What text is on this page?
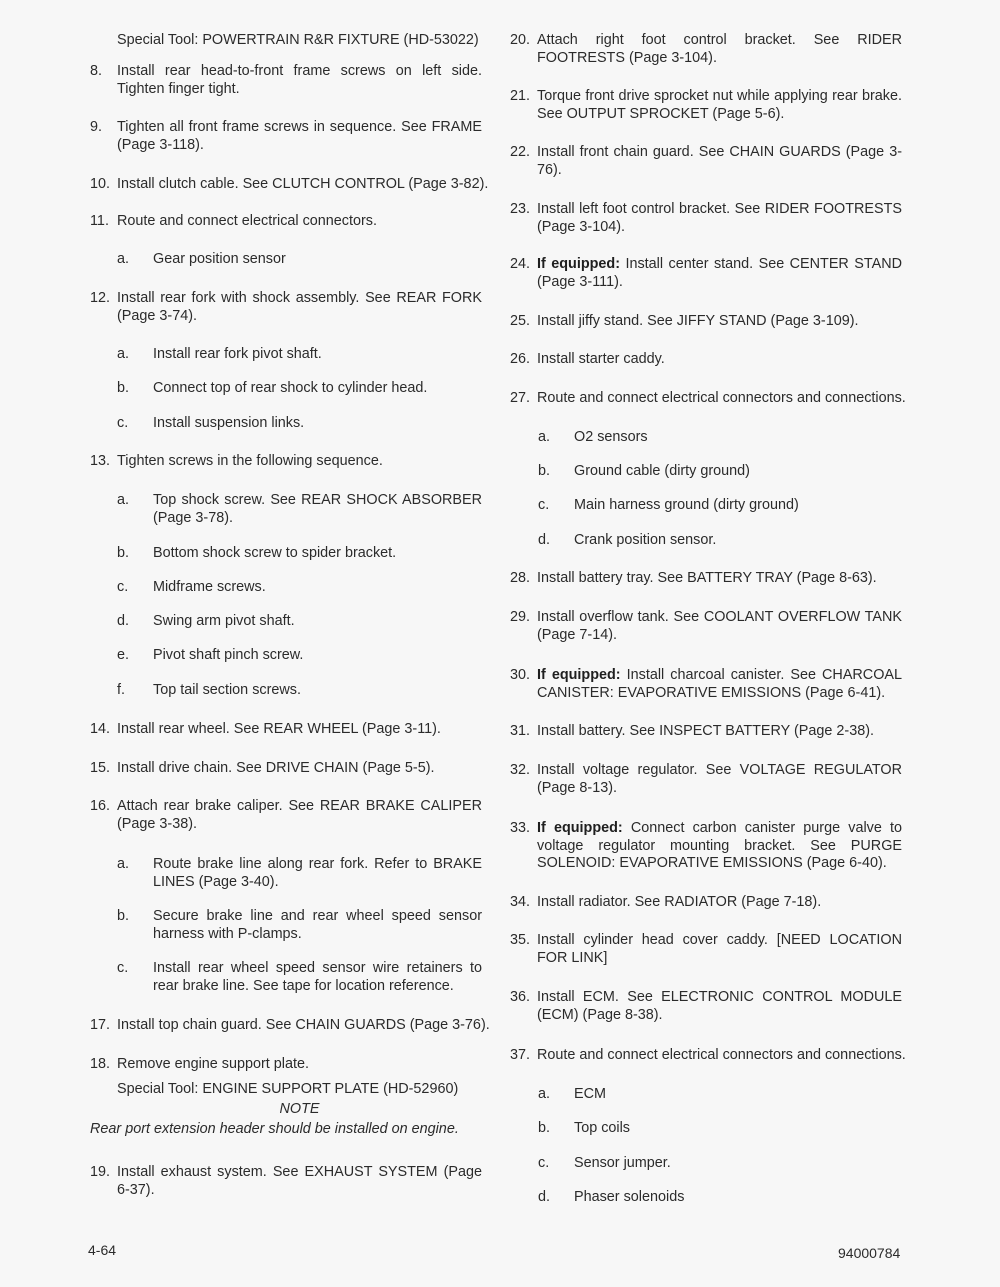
Special Tool: POWERTRAIN R&R FIXTURE (HD-53022)
8.	Install rear head-to-front frame screws on left side. Tighten finger tight.
9.	Tighten all front frame screws in sequence. See FRAME (Page 3-118).
10. Install clutch cable. See CLUTCH CONTROL (Page 3-82).
11. Route and connect electrical connectors.
a.	Gear position sensor
12. Install rear fork with shock assembly. See REAR FORK (Page 3-74).
a.	Install rear fork pivot shaft.
b.	Connect top of rear shock to cylinder head.
c.	Install suspension links.
13. Tighten screws in the following sequence.
a.	Top shock screw. See REAR SHOCK ABSORBER (Page 3-78).
b.	Bottom shock screw to spider bracket.
c.	Midframe screws.
d.	Swing arm pivot shaft.
e.	Pivot shaft pinch screw.
f.	Top tail section screws.
14. Install rear wheel. See REAR WHEEL (Page 3-11).
15. Install drive chain. See DRIVE CHAIN (Page 5-5).
16. Attach rear brake caliper. See REAR BRAKE CALIPER (Page 3-38).
a.	Route brake line along rear fork. Refer to BRAKE LINES (Page 3-40).
b.	Secure brake line and rear wheel speed sensor harness with P-clamps.
c.	Install rear wheel speed sensor wire retainers to rear brake line. See tape for location reference.
17. Install top chain guard. See CHAIN GUARDS (Page 3-76).
18. Remove engine support plate.
Special Tool: ENGINE SUPPORT PLATE (HD-52960)
NOTE
Rear port extension header should be installed on engine.
19. Install exhaust system. See EXHAUST SYSTEM (Page 6-37).
20. Attach right foot control bracket. See RIDER FOOTRESTS (Page 3-104).
21. Torque front drive sprocket nut while applying rear brake. See OUTPUT SPROCKET (Page 5-6).
22. Install front chain guard. See CHAIN GUARDS (Page 3-76).
23. Install left foot control bracket. See RIDER FOOTRESTS (Page 3-104).
24. If equipped: Install center stand. See CENTER STAND (Page 3-111).
25. Install jiffy stand. See JIFFY STAND (Page 3-109).
26. Install starter caddy.
27. Route and connect electrical connectors and connections.
a.	O2 sensors
b.	Ground cable (dirty ground)
c.	Main harness ground (dirty ground)
d.	Crank position sensor.
28. Install battery tray. See BATTERY TRAY (Page 8-63).
29. Install overflow tank. See COOLANT OVERFLOW TANK (Page 7-14).
30. If equipped: Install charcoal canister. See CHARCOAL CANISTER: EVAPORATIVE EMISSIONS (Page 6-41).
31. Install battery. See INSPECT BATTERY (Page 2-38).
32. Install voltage regulator. See VOLTAGE REGULATOR (Page 8-13).
33. If equipped: Connect carbon canister purge valve to voltage regulator mounting bracket. See PURGE SOLENOID: EVAPORATIVE EMISSIONS (Page 6-40).
34. Install radiator. See RADIATOR (Page 7-18).
35. Install cylinder head cover caddy. [NEED LOCATION FOR LINK]
36. Install ECM. See ELECTRONIC CONTROL MODULE (ECM) (Page 8-38).
37. Route and connect electrical connectors and connections.
a.	ECM
b.	Top coils
c.	Sensor jumper.
d.	Phaser solenoids
4-64	94000784
